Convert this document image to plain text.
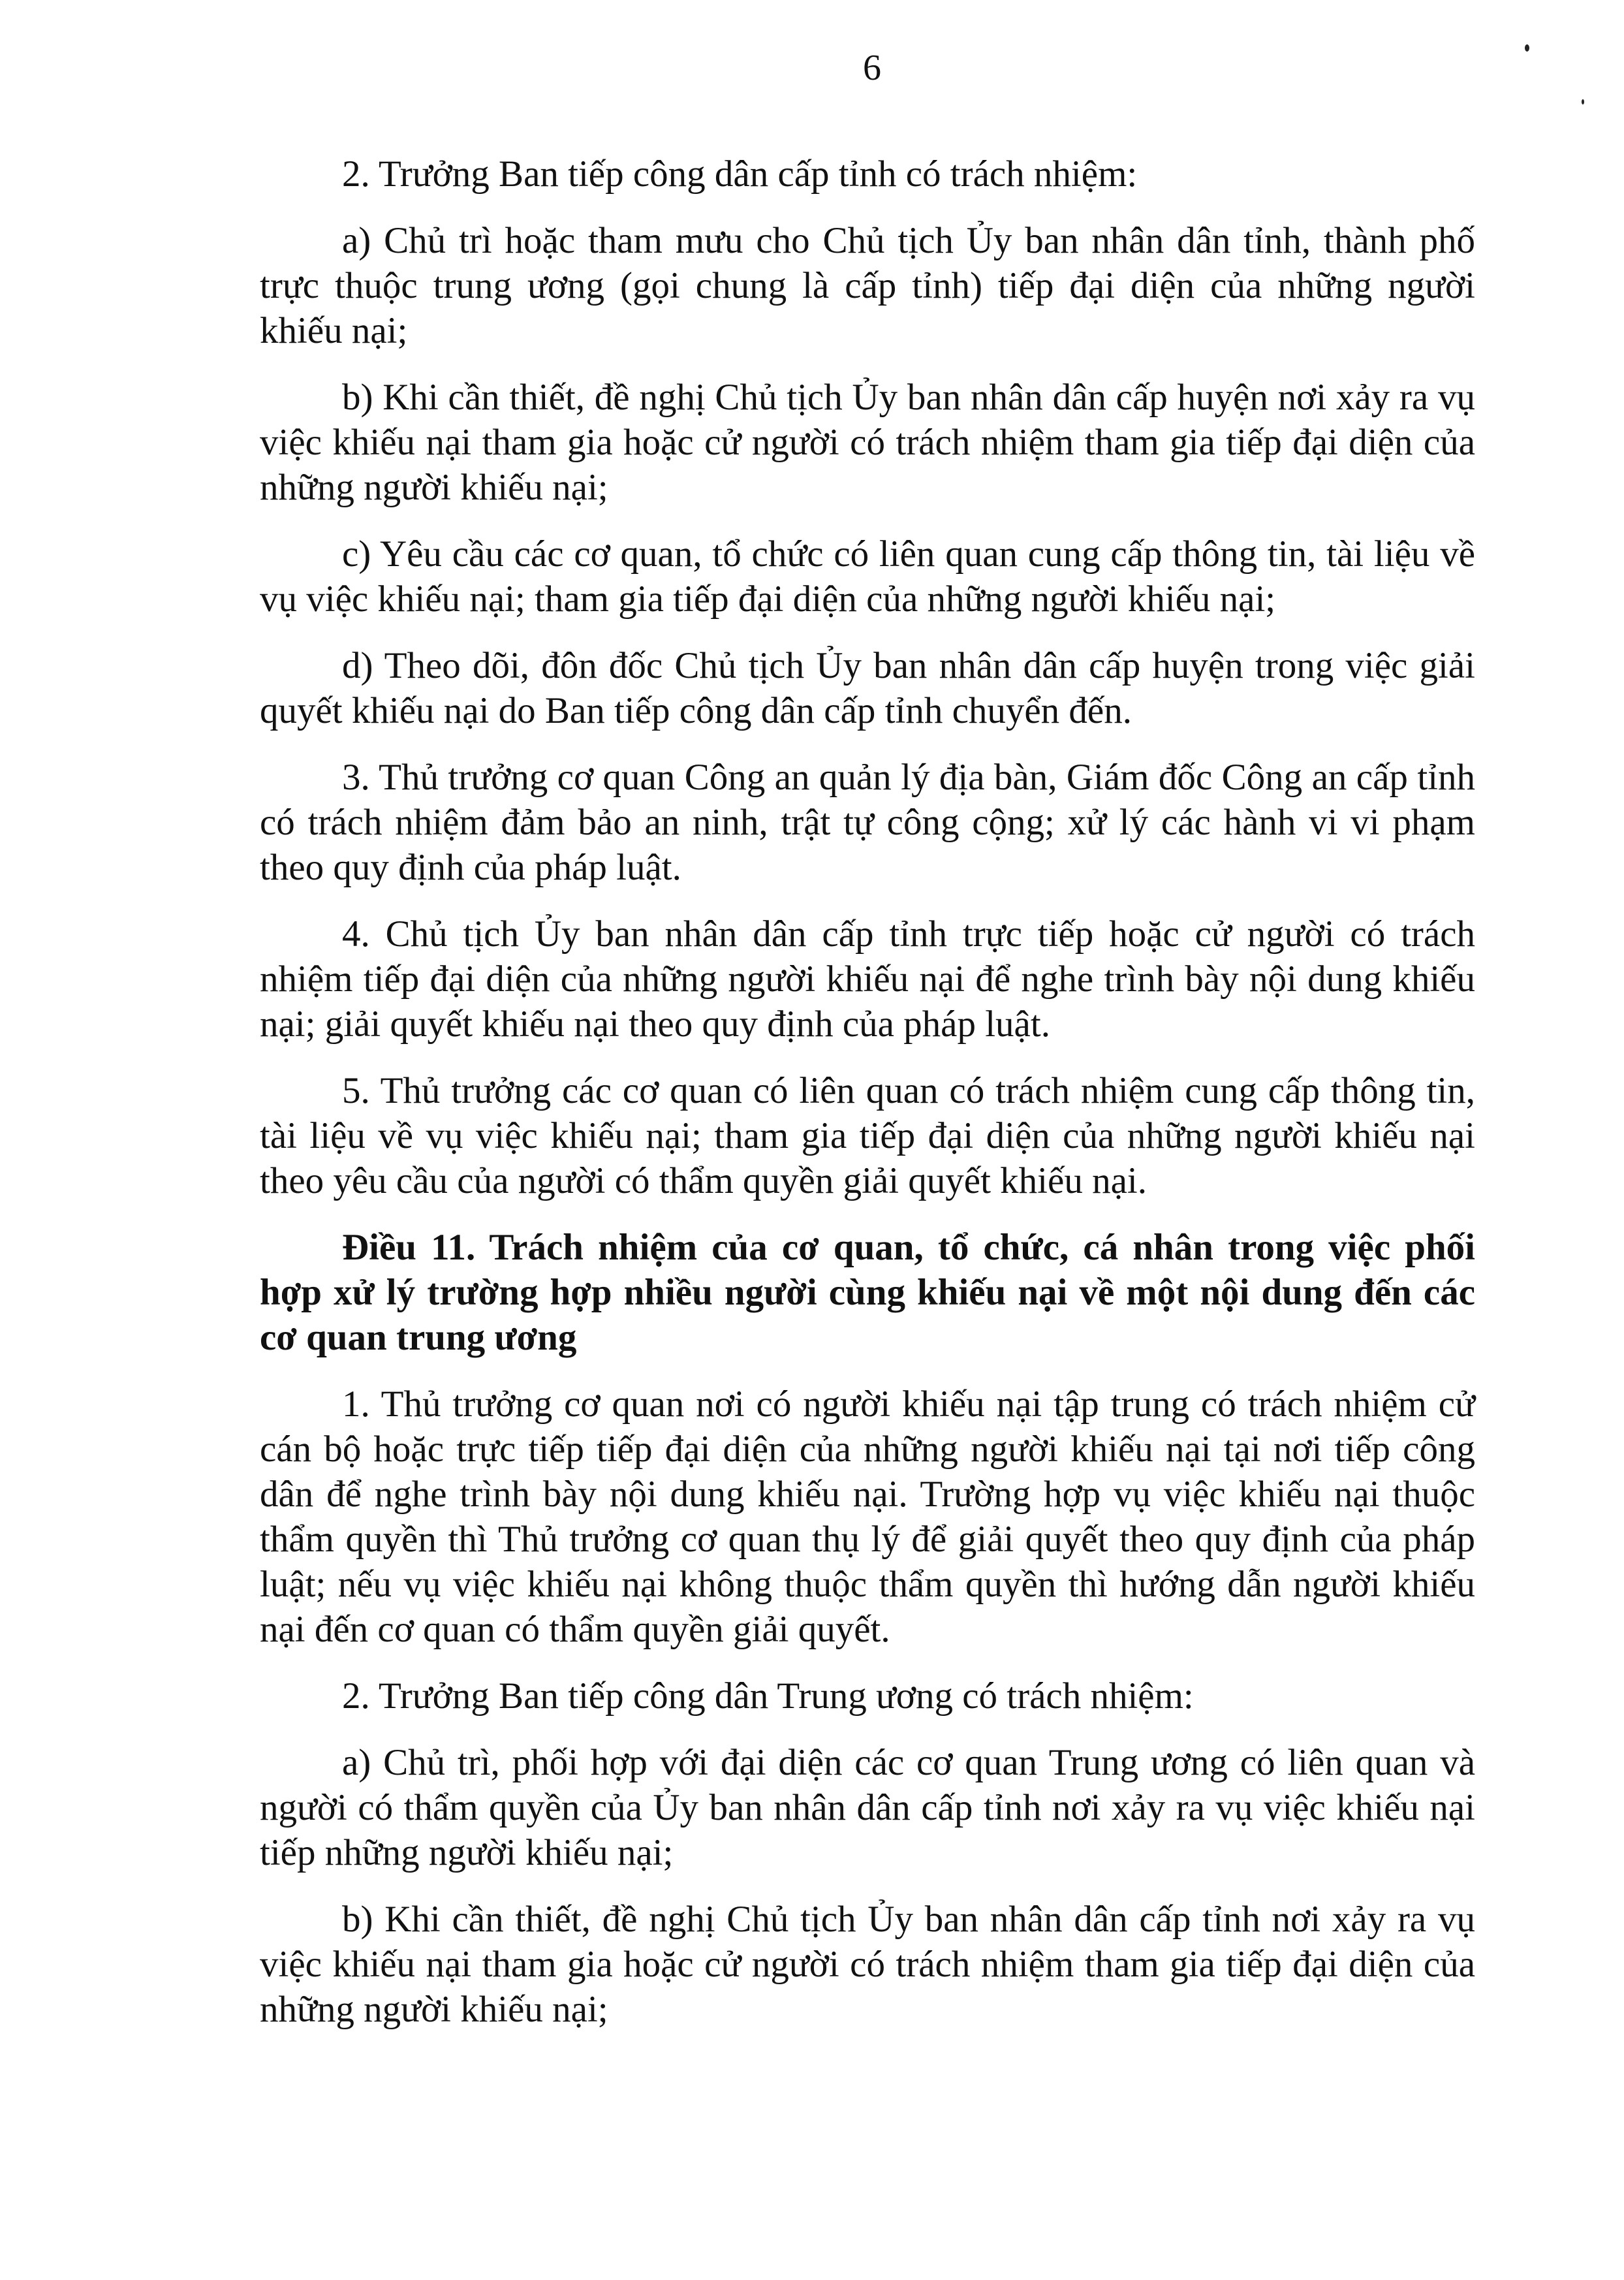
6

2. Trưởng Ban tiếp công dân cấp tỉnh có trách nhiệm:

a) Chủ trì hoặc tham mưu cho Chủ tịch Ủy ban nhân dân tỉnh, thành phố trực thuộc trung ương (gọi chung là cấp tỉnh) tiếp đại diện của những người khiếu nại;

b) Khi cần thiết, đề nghị Chủ tịch Ủy ban nhân dân cấp huyện nơi xảy ra vụ việc khiếu nại tham gia hoặc cử người có trách nhiệm tham gia tiếp đại diện của những người khiếu nại;

c) Yêu cầu các cơ quan, tổ chức có liên quan cung cấp thông tin, tài liệu về vụ việc khiếu nại; tham gia tiếp đại diện của những người khiếu nại;

d) Theo dõi, đôn đốc Chủ tịch Ủy ban nhân dân cấp huyện trong việc giải quyết khiếu nại do Ban tiếp công dân cấp tỉnh chuyển đến.

3. Thủ trưởng cơ quan Công an quản lý địa bàn, Giám đốc Công an cấp tỉnh có trách nhiệm đảm bảo an ninh, trật tự công cộng; xử lý các hành vi vi phạm theo quy định của pháp luật.

4. Chủ tịch Ủy ban nhân dân cấp tỉnh trực tiếp hoặc cử người có trách nhiệm tiếp đại diện của những người khiếu nại để nghe trình bày nội dung khiếu nại; giải quyết khiếu nại theo quy định của pháp luật.

5. Thủ trưởng các cơ quan có liên quan có trách nhiệm cung cấp thông tin, tài liệu về vụ việc khiếu nại; tham gia tiếp đại diện của những người khiếu nại theo yêu cầu của người có thẩm quyền giải quyết khiếu nại.

Điều 11. Trách nhiệm của cơ quan, tổ chức, cá nhân trong việc phối hợp xử lý trường hợp nhiều người cùng khiếu nại về một nội dung đến các cơ quan trung ương

1. Thủ trưởng cơ quan nơi có người khiếu nại tập trung có trách nhiệm cử cán bộ hoặc trực tiếp tiếp đại diện của những người khiếu nại tại nơi tiếp công dân để nghe trình bày nội dung khiếu nại. Trường hợp vụ việc khiếu nại thuộc thẩm quyền thì Thủ trưởng cơ quan thụ lý để giải quyết theo quy định của pháp luật; nếu vụ việc khiếu nại không thuộc thẩm quyền thì hướng dẫn người khiếu nại đến cơ quan có thẩm quyền giải quyết.

2. Trưởng Ban tiếp công dân Trung ương có trách nhiệm:

a) Chủ trì, phối hợp với đại diện các cơ quan Trung ương có liên quan và người có thẩm quyền của Ủy ban nhân dân cấp tỉnh nơi xảy ra vụ việc khiếu nại tiếp những người khiếu nại;

b) Khi cần thiết, đề nghị Chủ tịch Ủy ban nhân dân cấp tỉnh nơi xảy ra vụ việc khiếu nại tham gia hoặc cử người có trách nhiệm tham gia tiếp đại diện của những người khiếu nại;
